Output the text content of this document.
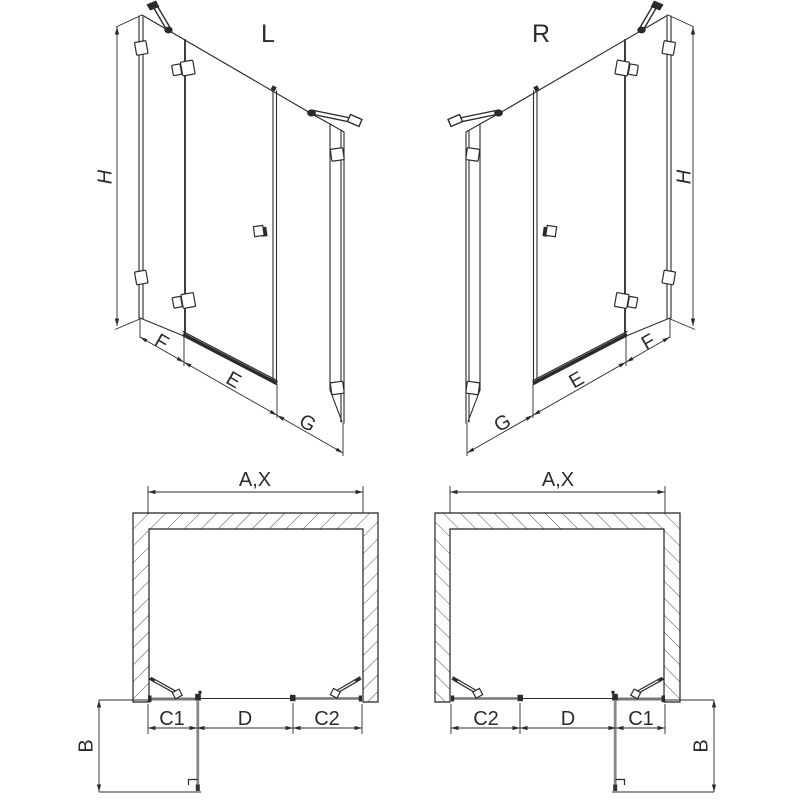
L	R
H	H
F
E
G	G
E
F
A,X	A,X
C1	D	C2	C2	D	C1
B	B
